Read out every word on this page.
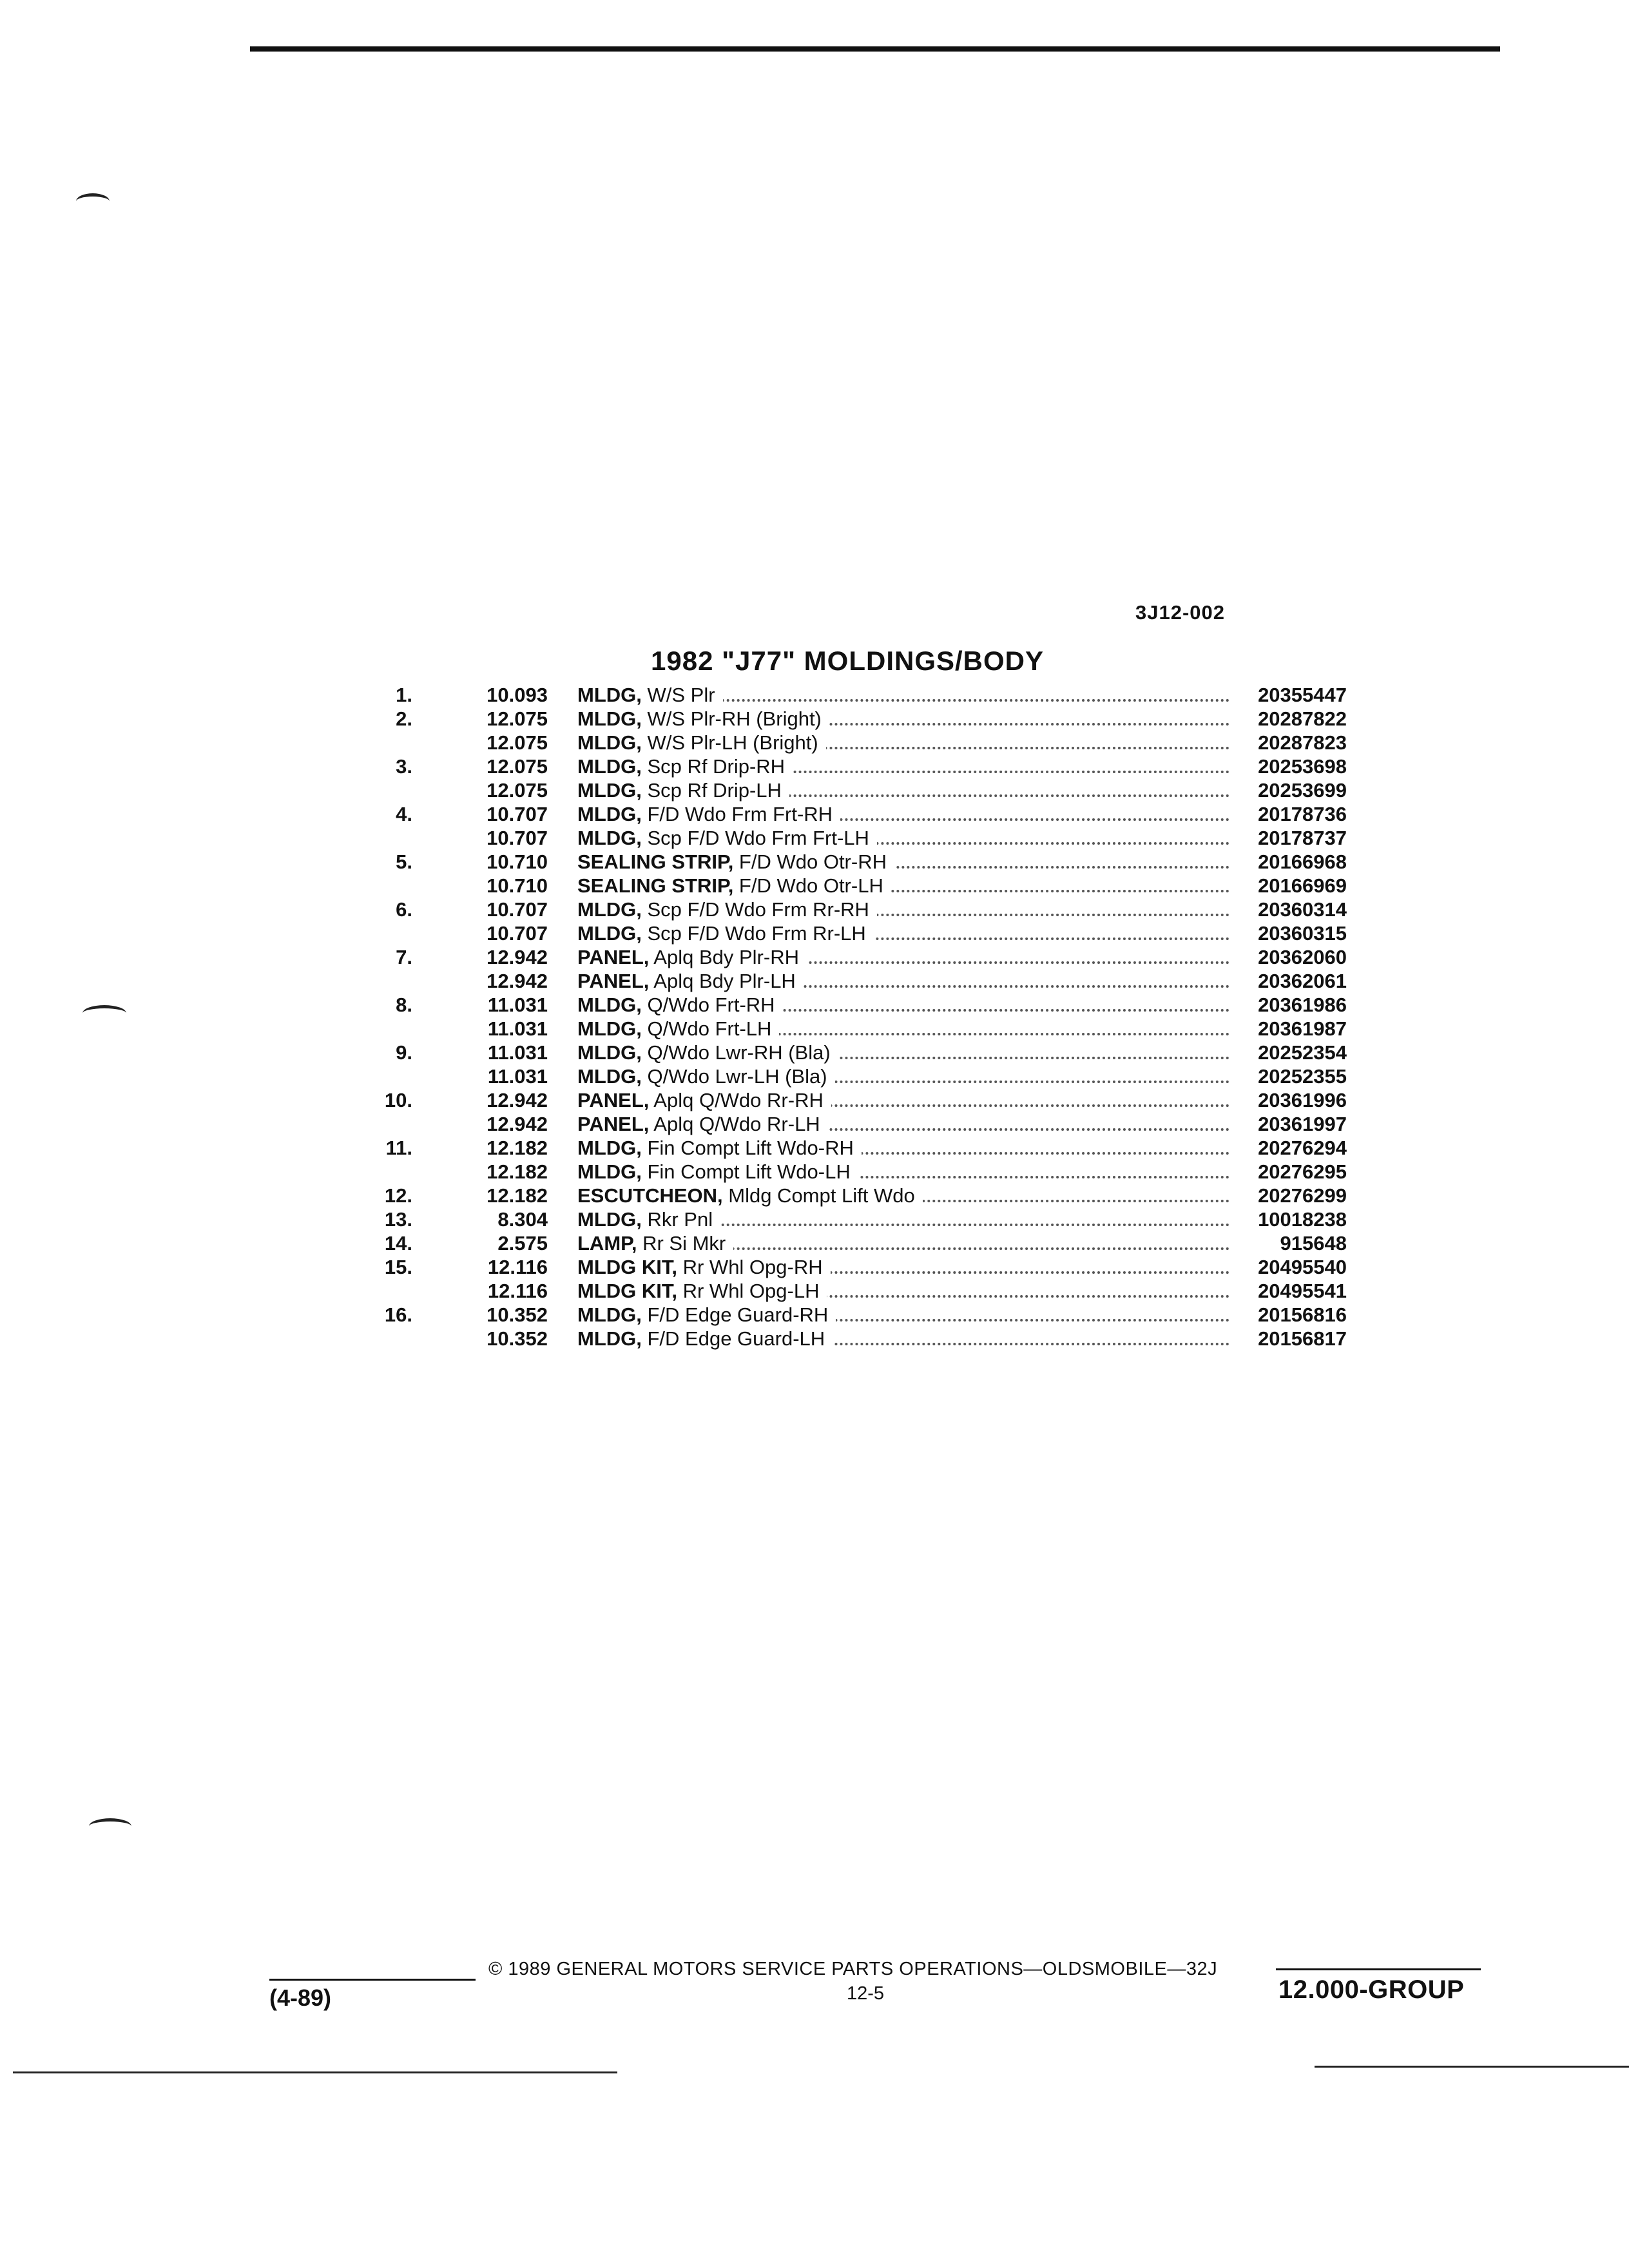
3J12-002
1982 "J77" MOLDINGS/BODY
1.	10.093 MLDG, W/S Plr	20355447
2.	12.075 MLDG, W/S Plr-RH (Bright)	20287822
12.075 MLDG, W/S Plr-LH (Bright)	20287823
3.	12.075 MLDG, Scp Rf Drip-RH	20253698
12.075 MLDG, Scp Rf Drip-LH	20253699
4.	10.707 MLDG, F/D Wdo Frm Frt-RH	20178736
10.707 MLDG, Scp F/D Wdo Frm Frt-LH	20178737
5.	10.710 SEALING STRIP, F/D Wdo Otr-RH	20166968
10.710 SEALING STRIP, F/D Wdo Otr-LH	20166969
6.	10.707 MLDG, Scp F/D Wdo Frm Rr-RH	20360314
10.707 MLDG, Scp F/D Wdo Frm Rr-LH	20360315
7.	12.942 PANEL, Aplq Bdy Plr-RH	20362060
12.942 PANEL, Aplq Bdy Plr-LH	20362061
8.	11.031 MLDG, Q/Wdo Frt-RH	20361986
11.031 MLDG, Q/Wdo Frt-LH	20361987
9.	11.031 MLDG, Q/Wdo Lwr-RH (Bla)	20252354
11.031 MLDG, Q/Wdo Lwr-LH (Bla)	20252355
10.	12.942 PANEL, Aplq Q/Wdo Rr-RH	20361996
12.942 PANEL, Aplq Q/Wdo Rr-LH	20361997
11.	12.182 MLDG, Fin Compt Lift Wdo-RH	20276294
12.182 MLDG, Fin Compt Lift Wdo-LH	20276295
12.	12.182 ESCUTCHEON, Mldg Compt Lift Wdo	20276299
13.	8.304 MLDG, Rkr Pnl	10018238
14.	2.575 LAMP, Rr Si Mkr	915648
15.	12.116 MLDG KIT, Rr Whl Opg-RH	20495540
12.116 MLDG KIT, Rr Whl Opg-LH	20495541
16.	10.352 MLDG, F/D Edge Guard-RH	20156816
10.352 MLDG, F/D Edge Guard-LH	20156817
© 1989 GENERAL MOTORS SERVICE PARTS OPERATIONS—OLDSMOBILE—32J
(4-89)	12-5	12.000-GROUP
